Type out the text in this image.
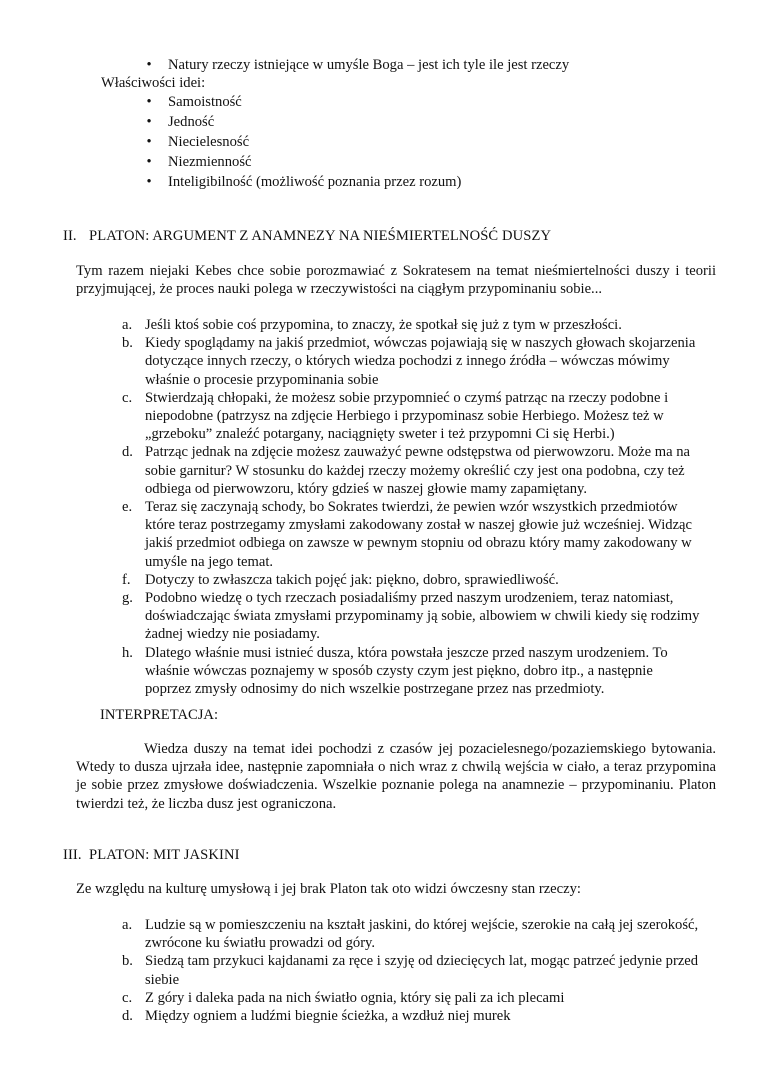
• Natury rzeczy istniejące w umyśle Boga – jest ich tyle ile jest rzeczy
Właściwości idei:
• Samoistność
• Jedność
• Niecielesność
• Niezmienność
• Inteligibilność (możliwość poznania przez rozum)
II. PLATON: ARGUMENT Z ANAMNEZY NA NIEŚMIERTELNOŚĆ DUSZY
Tym razem niejaki Kebes chce sobie porozmawiać z Sokratesem na temat nieśmiertelności duszy i teorii przyjmującej, że proces nauki polega w rzeczywistości na ciągłym przypominaniu sobie...
a. Jeśli ktoś sobie coś przypomina, to znaczy, że spotkał się już z tym w przeszłości.
b. Kiedy spoglądamy na jakiś przedmiot, wówczas pojawiają się w naszych głowach skojarzenia dotyczące innych rzeczy, o których wiedza pochodzi z innego źródła – wówczas mówimy właśnie o procesie przypominania sobie
c. Stwierdzają chłopaki, że możesz sobie przypomnieć o czymś patrząc na rzeczy podobne i niepodobne (patrzysz na zdjęcie Herbiego i przypominasz sobie Herbiego. Możesz też w „grzeboku” znaleźć potargany, naciągnięty sweter i też przypomni Ci się Herbi.)
d. Patrząc jednak na zdjęcie możesz zauważyć pewne odstępstwa od pierwowzoru. Może ma na sobie garnitur? W stosunku do każdej rzeczy możemy określić czy jest ona podobna, czy też odbiega od pierwowzoru, który gdzieś w naszej głowie mamy zapamiętany.
e. Teraz się zaczynają schody, bo Sokrates twierdzi, że pewien wzór wszystkich przedmiotów które teraz postrzegamy zmysłami zakodowany został w naszej głowie już wcześniej. Widząc jakiś przedmiot odbiega on zawsze w pewnym stopniu od obrazu który mamy zakodowany w umyśle na jego temat.
f. Dotyczy to zwłaszcza takich pojęć jak: piękno, dobro, sprawiedliwość.
g. Podobno wiedzę o tych rzeczach posiadaliśmy przed naszym urodzeniem, teraz natomiast, doświadczając świata zmysłami przypominamy ją sobie, albowiem w chwili kiedy się rodzimy żadnej wiedzy nie posiadamy.
h. Dlatego właśnie musi istnieć dusza, która powstała jeszcze przed naszym urodzeniem. To właśnie wówczas poznajemy w sposób czysty czym jest piękno, dobro itp., a następnie poprzez zmysły odnosimy do nich wszelkie postrzegane przez nas przedmioty.
INTERPRETACJA:
Wiedza duszy na temat idei pochodzi z czasów jej pozacielesnego/pozaziemskiego bytowania. Wtedy to dusza ujrzała idee, następnie zapomniała o nich wraz z chwilą wejścia w ciało, a teraz przypomina je sobie przez zmysłowe doświadczenia. Wszelkie poznanie polega na anamnezie – przypominaniu. Platon twierdzi też, że liczba dusz jest ograniczona.
III. PLATON: MIT JASKINI
Ze względu na kulturę umysłową i jej brak Platon tak oto widzi ówczesny stan rzeczy:
a. Ludzie są w pomieszczeniu na kształt jaskini, do której wejście, szerokie na całą jej szerokość, zwrócone ku światłu prowadzi od góry.
b. Siedzą tam przykuci kajdanami za ręce i szyję od dziecięcych lat, mogąc patrzeć jedynie przed siebie
c. Z góry i daleka pada na nich światło ognia, który się pali za ich plecami
d. Między ogniem a ludźmi biegnie ścieżka, a wzdłuż niej murek
